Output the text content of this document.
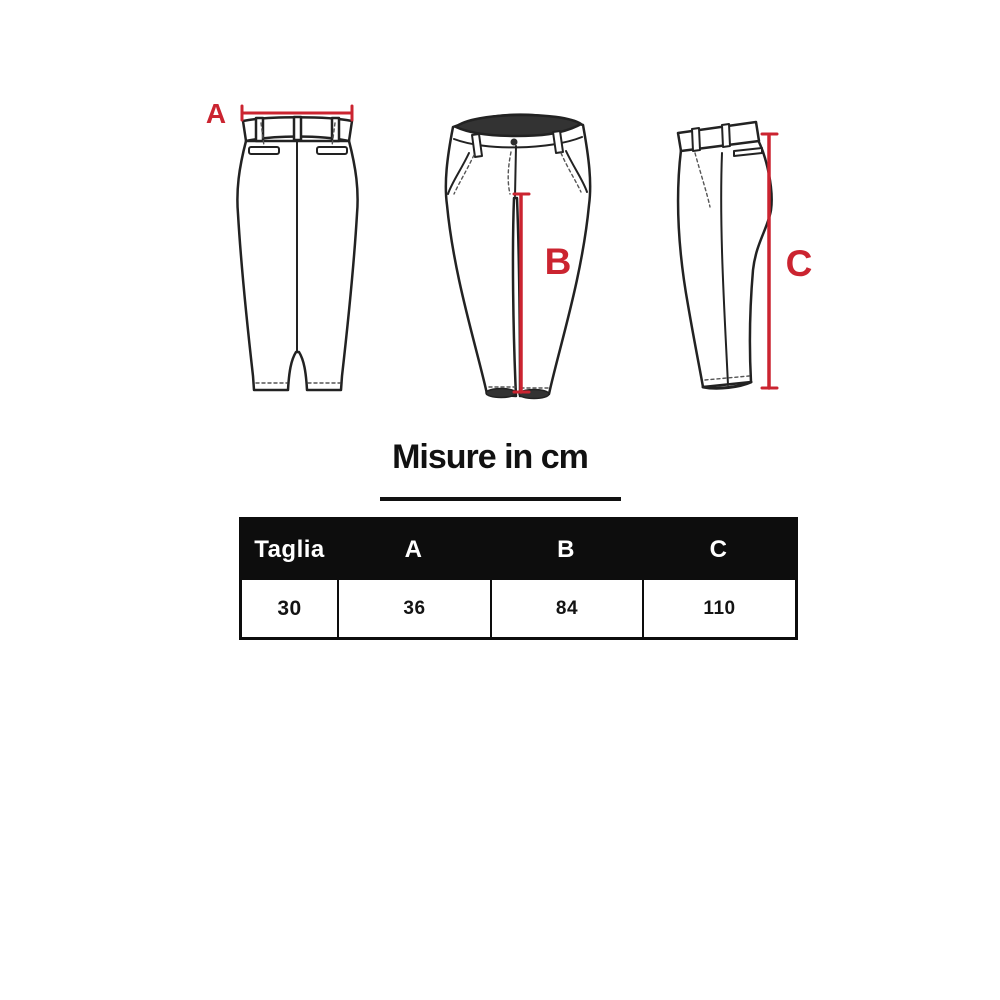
A
B	C
Misure in cm
Taglia	A	B	C
30	36	84	110
